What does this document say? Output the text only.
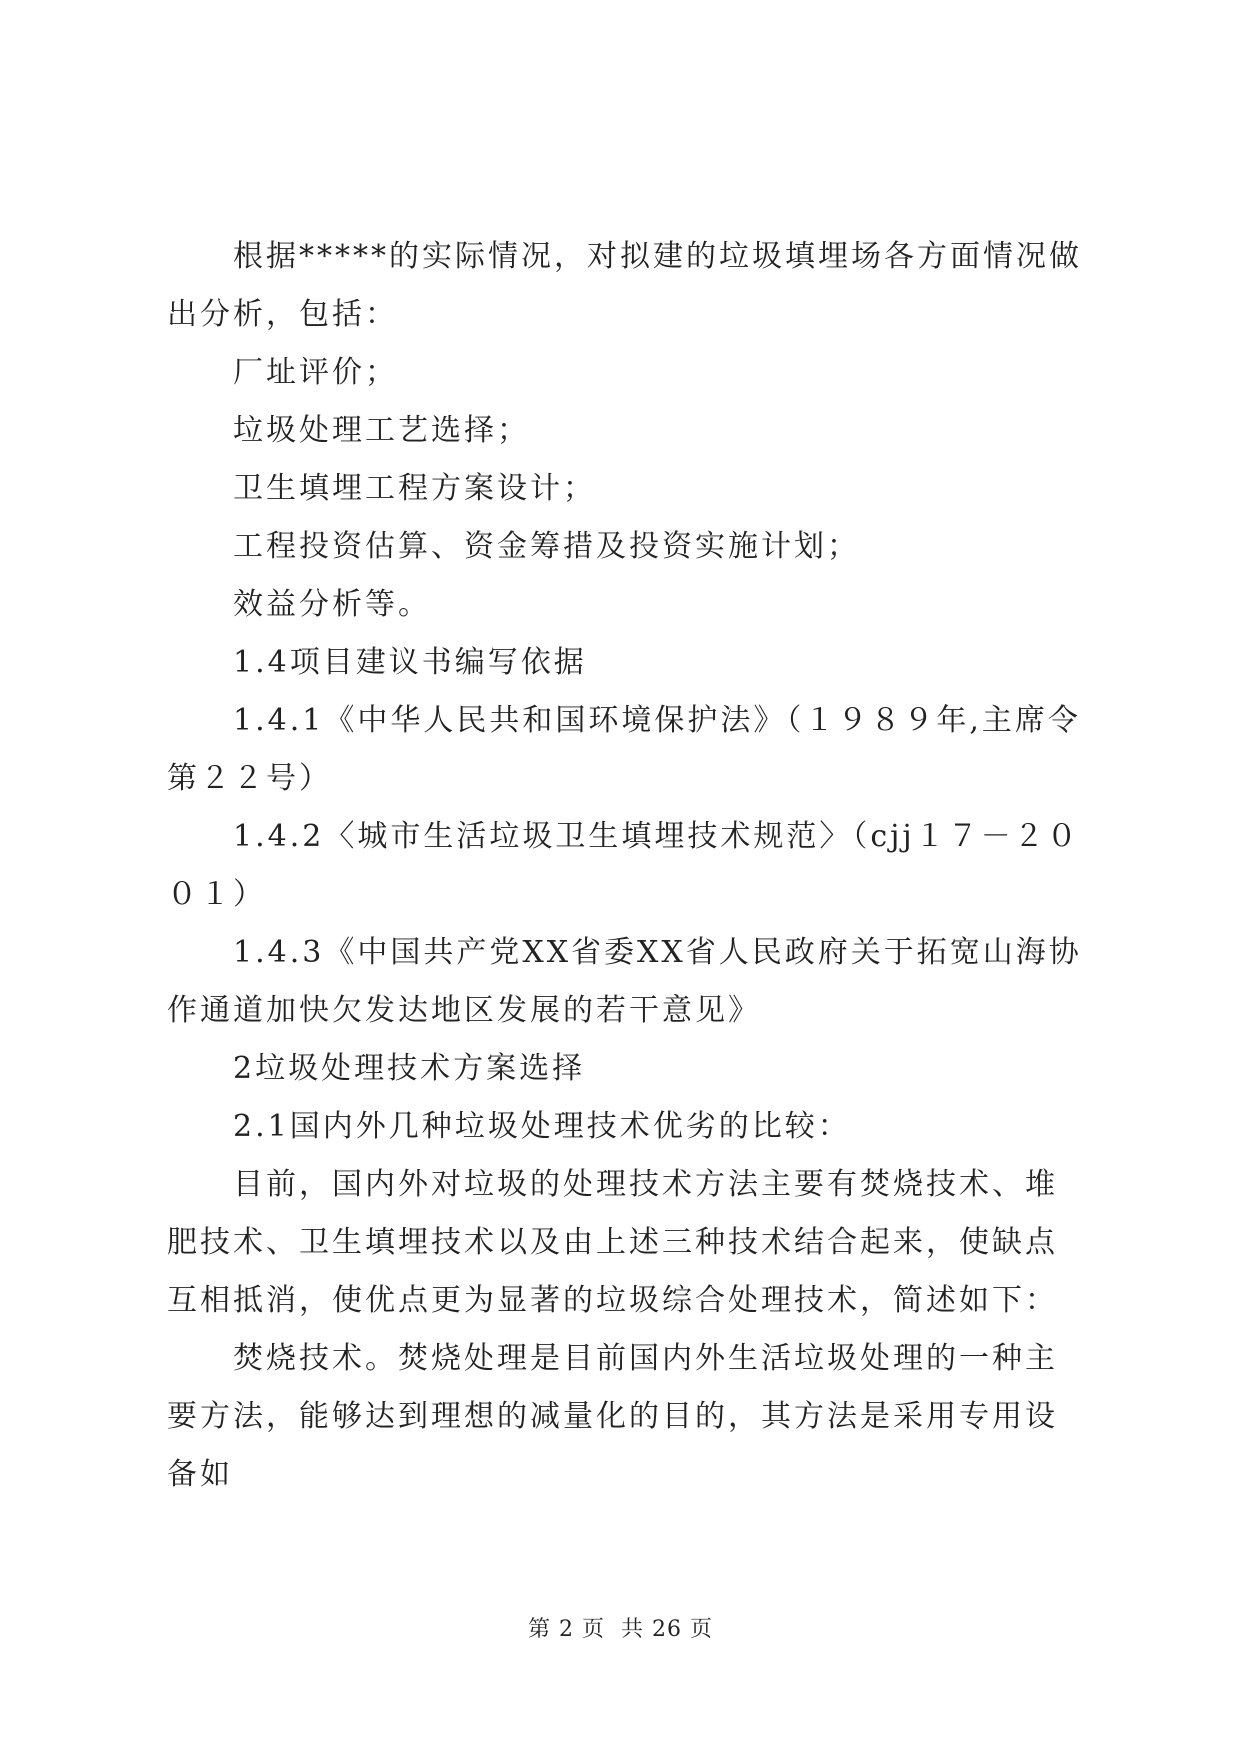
根据*****的实际情况，对拟建的垃圾填埋场各方面情况做出分析，包括：

厂址评价；

垃圾处理工艺选择；

卫生填埋工程方案设计；

工程投资估算、资金筹措及投资实施计划；

效益分析等。

1.4项目建议书编写依据

1.4.1《中华人民共和国环境保护法》（１９８９年,主席令第２２号）

1.4.2〈城市生活垃圾卫生填埋技术规范〉（cjj１７－２００１）

1.4.3《中国共产党XX省委XX省人民政府关于拓宽山海协作通道加快欠发达地区发展的若干意见》

2垃圾处理技术方案选择

2.1国内外几种垃圾处理技术优劣的比较：

目前，国内外对垃圾的处理技术方法主要有焚烧技术、堆肥技术、卫生填埋技术以及由上述三种技术结合起来，使缺点互相抵消，使优点更为显著的垃圾综合处理技术，简述如下：

焚烧技术。焚烧处理是目前国内外生活垃圾处理的一种主要方法，能够达到理想的减量化的目的，其方法是采用专用设备如

第 2 页  共 26 页
